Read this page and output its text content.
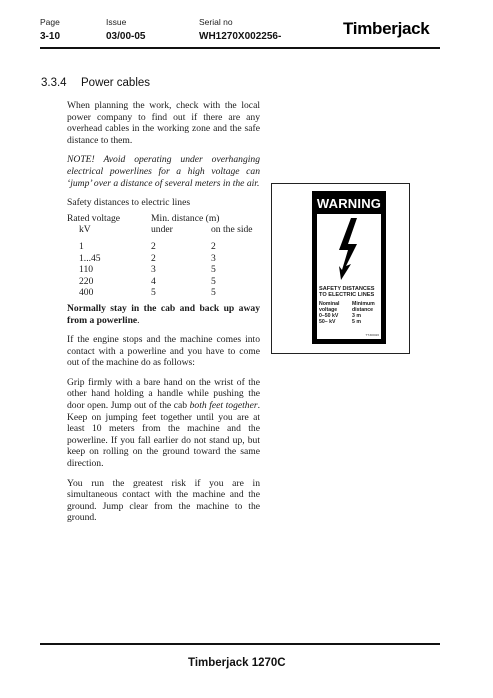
Page
3-10
Issue
03/00-05
Serial no
WH1270X002256-	Timberjack
3.3.4 Power cables

When planning the work, check with the local power company to find out if there are any overhead cables in the working zone and the safe distance to them.

NOTE! Avoid operating under overhanging electrical powerlines for a high voltage can ‘jump’ over a distance of several meters in the air.

Safety distances to electric lines
Rated voltage	Min. distance (m)	
kV	under	on the side

1	2	2
1...45	2	3
110	3	5
220	4	5
400	5	5

Normally stay in the cab and back up away from a powerline.

If the engine stops and the machine comes into contact with a powerline and you have to come out of the machine do as follows:

Grip firmly with a bare hand on the wrist of the other hand holding a handle while pushing the door open. Jump out of the cab both feet together. Keep on jumping feet together until you are at least 10 meters from the machine and the powerline. If you fall earlier do not stand up, but keep on rolling on the ground toward the same direction.

You run the greatest risk if you are in simultaneous contact with the machine and the ground. Jump clear from the machine to the ground.

WARNING
SAFETY DISTANCES
TO ELECTRIC LINES
Nominal Minimum
voltage	distance
0–50 kV	3 m
50– kV	5 m
TTJ00026
Timberjack 1270C
